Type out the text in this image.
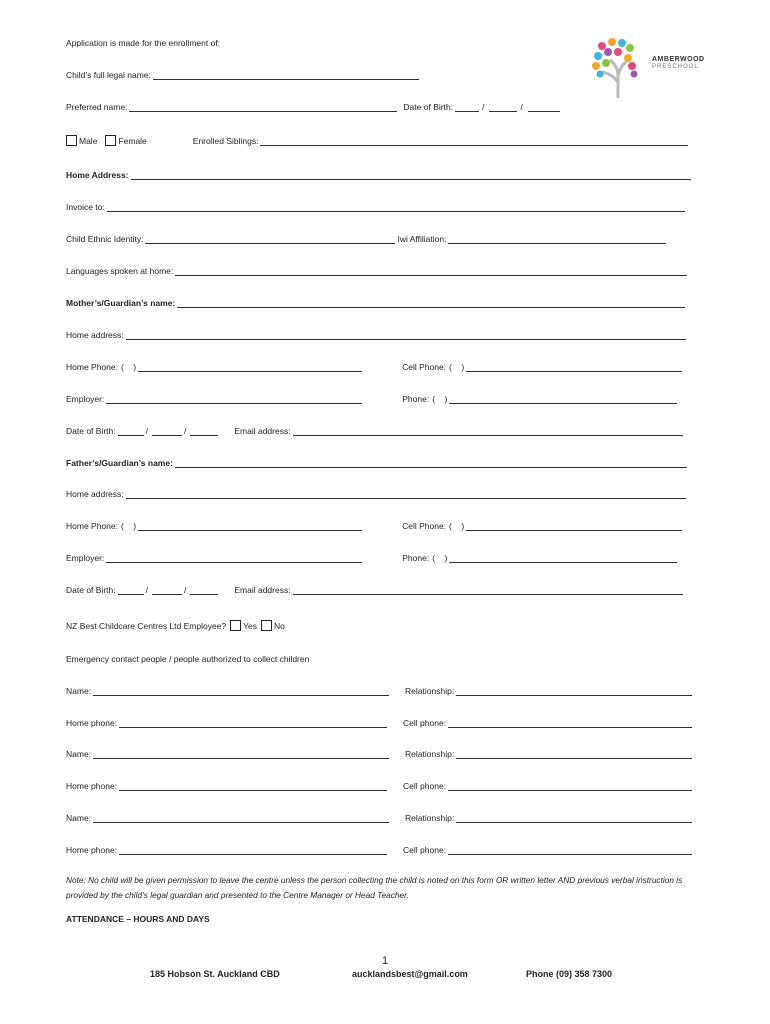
Application is made for the enrollment of:
AMBERWOOD
PRESCHOOL
Child’s full legal name:
Preferred name:	Date of Birth:	/	/
Male Female	Enrolled Siblings:
Home Address:
Invoice to:
Child Ethnic Identity:	Iwi Affiliation:
Languages spoken at home:
Mother’s/Guardian’s name:
Home address:
Home Phone: (    )	Cell Phone: (    )
Employer:	Phone: (    )
Date of Birth:	/	/	Email address:
Father’s/Guardian’s name:
Home address:
Home Phone: (    )	Cell Phone: (    )
Employer:	Phone: (    )
Date of Birth:	/	/	Email address:
NZ Best Childcare Centres Ltd Employee? Yes No
Emergency contact people / people authorized to collect children
Name:	Relationship:
Home phone:	Cell phone:
Name:	Relationship:
Home phone:	Cell phone:
Name:	Relationship:
Home phone:	Cell phone:
Note: No child will be given permission to leave the centre unless the person collecting the child is noted on this form OR written letter AND previous verbal instruction is provided by the child’s legal guardian and presented to the Centre Manager or Head Teacher.
ATTENDANCE – HOURS AND DAYS
1
185 Hobson St. Auckland CBD	aucklandsbest@gmail.com	Phone (09) 358 7300
